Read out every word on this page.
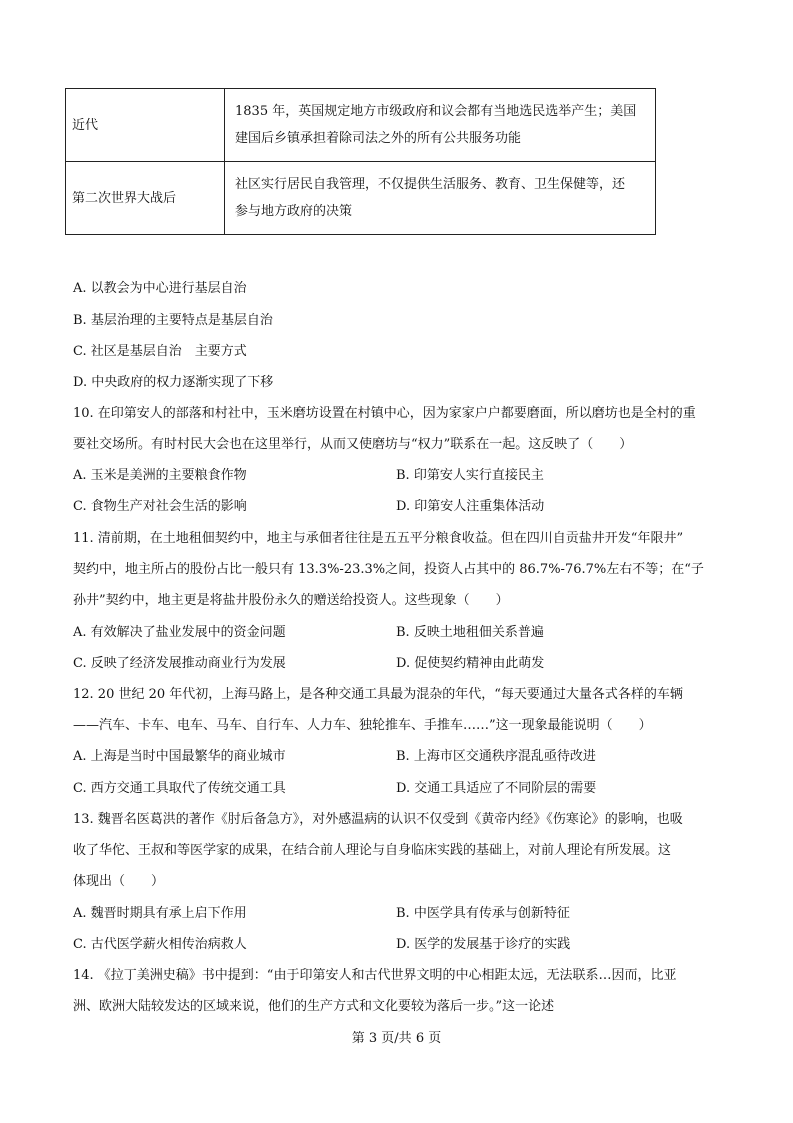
近代	1835 年，英国规定地方市级政府和议会都有当地选民选举产生；美国
建国后乡镇承担着除司法之外的所有公共服务功能

第二次世界大战后	社区实行居民自我管理，不仅提供生活服务、教育、卫生保健等，还
参与地方政府的决策
A. 以教会为中心进行基层自治
B. 基层治理的主要特点是基层自治
C. 社区是基层自治　主要方式
D. 中央政府的权力逐渐实现了下移
10. 在印第安人的部落和村社中，玉米磨坊设置在村镇中心，因为家家户户都要磨面，所以磨坊也是全村的重
要社交场所。有时村民大会也在这里举行，从而又使磨坊与“权力”联系在一起。这反映了（　　）
A. 玉米是美洲的主要粮食作物	B. 印第安人实行直接民主
C. 食物生产对社会生活的影响	D. 印第安人注重集体活动
11. 清前期，在土地租佃契约中，地主与承佃者往往是五五平分粮食收益。但在四川自贡盐井开发“年限井”
契约中，地主所占的股份占比一般只有 13.3%-23.3%之间，投资人占其中的 86.7%-76.7%左右不等；在“子
孙井”契约中，地主更是将盐井股份永久的赠送给投资人。这些现象（　　）
A. 有效解决了盐业发展中的资金问题	B. 反映土地租佃关系普遍
C. 反映了经济发展推动商业行为发展	D. 促使契约精神由此萌发
12. 20 世纪 20 年代初，上海马路上，是各种交通工具最为混杂的年代，“每天要通过大量各式各样的车辆
——汽车、卡车、电车、马车、自行车、人力车、独轮推车、手推车……”这一现象最能说明（　　）
A. 上海是当时中国最繁华的商业城市	B. 上海市区交通秩序混乱亟待改进
C. 西方交通工具取代了传统交通工具	D. 交通工具适应了不同阶层的需要
13. 魏晋名医葛洪的著作《肘后备急方》，对外感温病的认识不仅受到《黄帝内经》《伤寒论》的影响，也吸
收了华佗、王叔和等医学家的成果，在结合前人理论与自身临床实践的基础上，对前人理论有所发展。这
体现出（　　）
A. 魏晋时期具有承上启下作用	B. 中医学具有传承与创新特征
C. 古代医学薪火相传治病救人	D. 医学的发展基于诊疗的实践
14. 《拉丁美洲史稿》书中提到：“由于印第安人和古代世界文明的中心相距太远，无法联系…因而，比亚
洲、欧洲大陆较发达的区域来说，他们的生产方式和文化要较为落后一步。”这一论述
第 3 页/共 6 页
